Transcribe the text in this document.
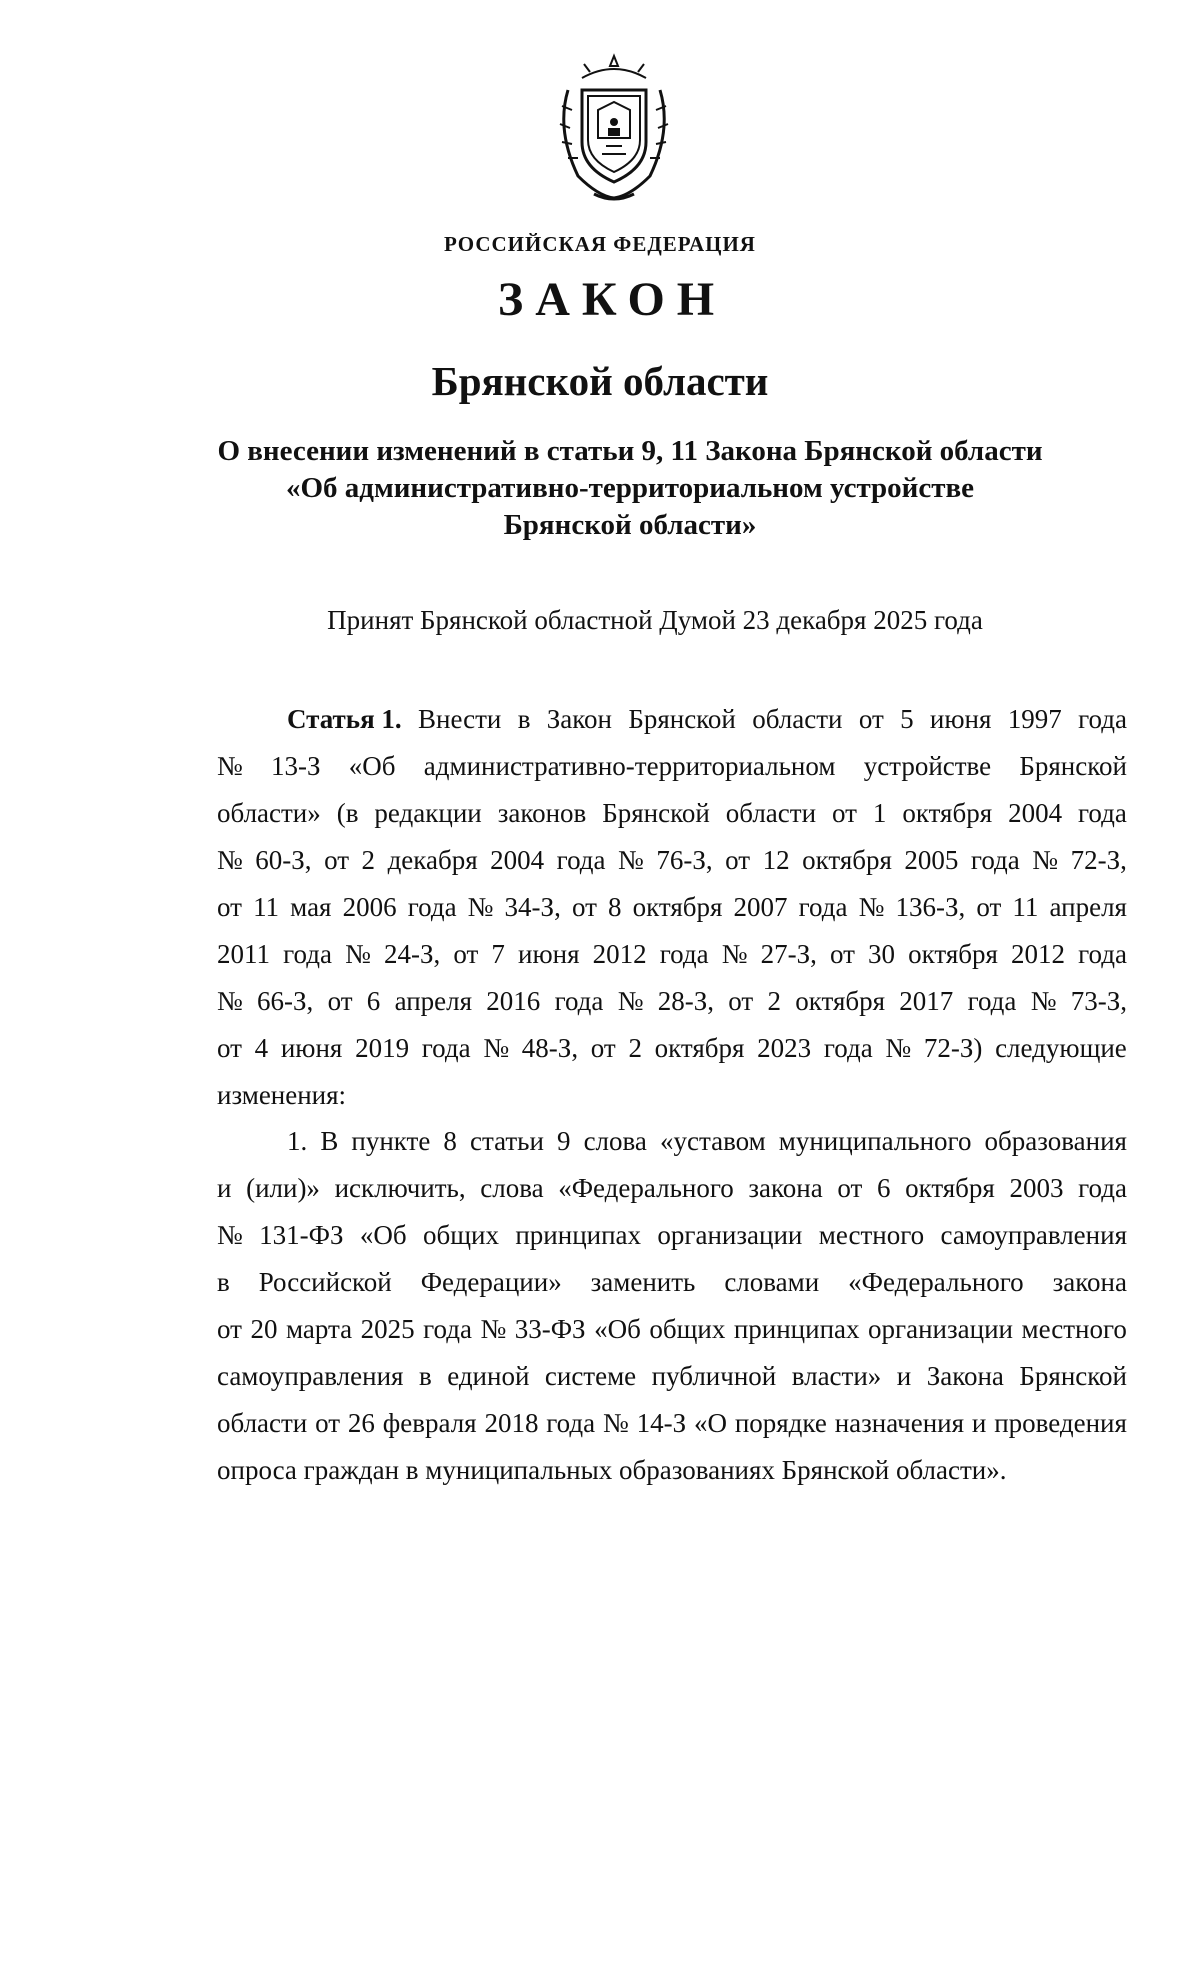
РОССИЙСКАЯ ФЕДЕРАЦИЯ
ЗАКОН
Брянской области
О внесении изменений в статьи 9, 11 Закона Брянской области
«Об административно-территориальном устройстве
Брянской области»
Принят Брянской областной Думой 23 декабря 2025 года
Статья 1. Внести в Закон Брянской области от 5 июня 1997 года
№ 13-З «Об административно-территориальном устройстве Брянской
области» (в редакции законов Брянской области от 1 октября 2004 года
№ 60-З, от 2 декабря 2004 года № 76-З, от 12 октября 2005 года № 72-З,
от 11 мая 2006 года № 34-З, от 8 октября 2007 года № 136-З, от 11 апреля
2011 года № 24-З, от 7 июня 2012 года № 27-З, от 30 октября 2012 года
№ 66-З, от 6 апреля 2016 года № 28-З, от 2 октября 2017 года № 73-З,
от 4 июня 2019 года № 48-З, от 2 октября 2023 года № 72-З) следующие
изменения:
1. В пункте 8 статьи 9 слова «уставом муниципального образования
и (или)» исключить, слова «Федерального закона от 6 октября 2003 года
№ 131-ФЗ «Об общих принципах организации местного самоуправления
в Российской Федерации» заменить словами «Федерального закона
от 20 марта 2025 года № 33-ФЗ «Об общих принципах организации местного
самоуправления в единой системе публичной власти» и Закона Брянской
области от 26 февраля 2018 года № 14-З «О порядке назначения и проведения
опроса граждан в муниципальных образованиях Брянской области».
